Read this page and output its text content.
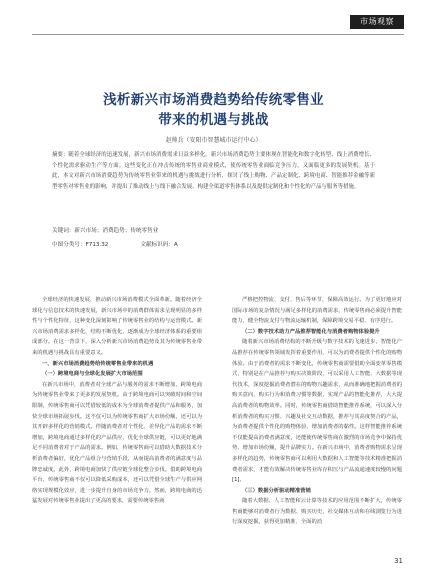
市场观察
浅析新兴市场消费趋势给传统零售业
带来的机遇与挑战
赵帅兵（安阳市智慧城市运行中心）
摘要：随着全球经济的迅速发展，新兴市场消费需求日益多样化。新兴市场消费趋势主要体现在智能化和数字化转型、线上消费增长、个性化需求驱动生产等方面。这些变化正在冲击传统的零售业商业模式，使传统零售业面临竞争压力，又面临更多的发展契机。基于此，本文对新兴市场消费趋势为传统零售业带来的机遇与挑战进行分析，探讨了线上购物、产品定制化、跨境电商、智能推荐金融等新型零售对零售业的影响，并提出了推动线上与线下融合发展、构建全渠道零售体系以及提供定制化和个性化的产品与服务等措施。
关键词：新兴市场；消费趋势；传统零售业
中图分类号：F713.32	文献标识码：A

全球经济的快速发展，推动新兴市场消费模式全面革新。随着经济全球化与信息技术的快速发展，新兴市场中的消费群体需求呈现明显的多样性与个性化特征，这种变化深刻影响了传统零售业的结构与运营模式。新兴市场消费需求多样化，结构不断优化，逐渐成为全球经济体系的重要组成部分。在这一背景下，深入分析新兴市场消费趋势及其为传统零售业带来的机遇与挑战具有重要意义。

一、新兴市场消费趋势给传统零售业带来的机遇
（一）跨境电商与全球化发展扩大市场范围

在新兴市场中，消费者对全球产品与服务的需求不断增加，跨境电商为传统零售业带来了更多的发展契机。由于跨境电商可以突破时间和空间限制，传统零售商可以凭借较低的成本为全球消费者提供产品和服务，加快全球市场拓展步伐。这不仅可以为传统零售商扩大市场份额，还可以为其开辟多样化的营销模式。伴随消费者对个性化、差异化产品的需求不断增加，跨境电商通过多样化的产品供应，优化全球供应链，可以更好地满足不同消费者对于产品的需求。例如，传统零售商可以借助大数据技术分析消费者偏好，优化产品组合与营销手段，从而提高消费者的满意度与品牌忠诚度。此外，跨境电商加快了供应链全球化整合步伐。借助跨境电商平台，传统零售商不仅可以降低采购成本，还可以凭借全球生产与供应网络实现规模化效应，进一步提升自身的市场竞争力。然而，跨境电商的迅猛发展对传统零售业提出了更高的要求，需要传统零售商

严格把控物流、支付、售后等环节，保障高效运行。为了更好地应对国际市场的复杂情况与满足多样化的消费需求，传统零售商必须提升智能能力，健全物流支付与物流运输机制，保障跨境交易平稳、有序进行。

（二）数字技术助力产品推荐智能化与消费者购物体验提升

随着新兴市场消费结构的不断升级与数字技术的飞速进步，智能化产品推荐在传统零售领域发挥着重要作用，可以为消费者提供个性化的购物体验。由于消费者的需求不断变化，传统零售商需要借助全面变革零售模式，特别是在产品推荐与购买决策阶段，可以采用人工智能、大数据等现代技术，深度挖掘消费者潜在的购物兴趣需求，从而准确地把握消费者的购买意向、购买行为和消费习惯等数据，实现产品的智能化推荐，大大提高消费者的购物效率。同时，传统零售商借助智能推荐系统，可以深入分析消费者的购买习惯、兴趣及社交互动数据，推荐与其高度契合的产品，为消费者提供个性化的购物体验，增加消费者的黏性。这样智能推荐系统不仅能提高消费者满意度，还能使传统零售商在激烈的市场竞争中保持优势，增加市场份额，提升品牌实力。在新兴市场中，消费者购物需求呈现多样化的趋势，传统零售商可以利用大数据和人工智能等技术精准把握消费者需求，才能有效解决传统零售业库存积压与产品流通速度较慢的问题[1]。

（三）数据分析驱动精准营销

随着大数据、人工智能和云计算等技术的应用范围不断扩大，传统零售商能够对消费者行为数据、购买历史、社交媒体互动和在线浏览行为进行深度挖掘，获得更加精准、全面的消

31
